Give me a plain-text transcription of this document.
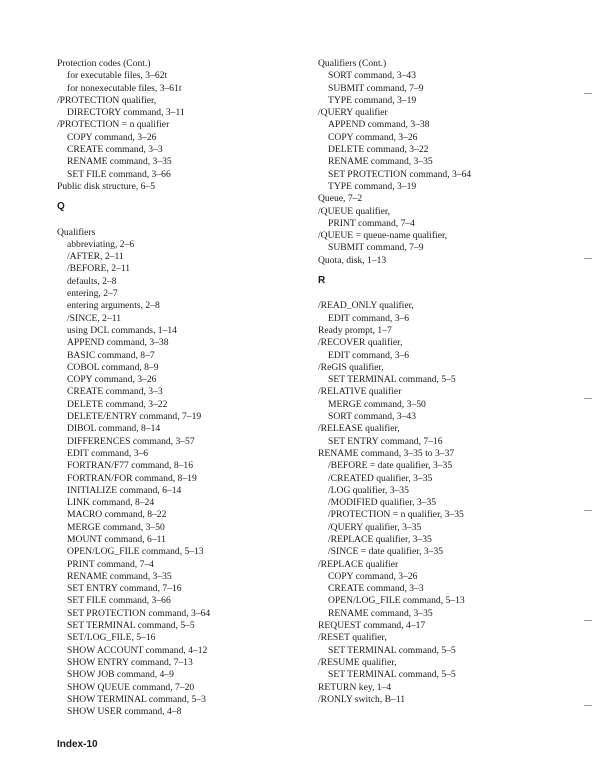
Protection codes (Cont.)
for executable files, 3–62t
for nonexecutable files, 3–61t
/PROTECTION qualifier,
DIRECTORY command, 3–11
/PROTECTION = n qualifier
COPY command, 3–26
CREATE command, 3–3
RENAME command, 3–35
SET FILE command, 3–66
Public disk structure, 6–5
Q
Qualifiers
abbreviating, 2–6
/AFTER, 2–11
/BEFORE, 2–11
defaults, 2–8
entering, 2–7
entering arguments, 2–8
/SINCE, 2–11
using DCL commands, 1–14
APPEND command, 3–38
BASIC command, 8–7
COBOL command, 8–9
COPY command, 3–26
CREATE command, 3–3
DELETE command, 3–22
DELETE/ENTRY command, 7–19
DIBOL command, 8–14
DIFFERENCES command, 3–57
EDIT command, 3–6
FORTRAN/F77 command, 8–16
FORTRAN/FOR command, 8–19
INITIALIZE command, 6–14
LINK command, 8–24
MACRO command, 8–22
MERGE command, 3–50
MOUNT command, 6–11
OPEN/LOG_FILE command, 5–13
PRINT command, 7–4
RENAME command, 3–35
SET ENTRY command, 7–16
SET FILE command, 3–66
SET PROTECTION command, 3–64
SET TERMINAL command, 5–5
SET/LOG_FILE, 5–16
SHOW ACCOUNT command, 4–12
SHOW ENTRY command, 7–13
SHOW JOB command, 4–9
SHOW QUEUE command, 7–20
SHOW TERMINAL command, 5–3
SHOW USER command, 4–8
Qualifiers (Cont.)
SORT command, 3–43
SUBMIT command, 7–9
TYPE command, 3–19
/QUERY qualifier
APPEND command, 3–38
COPY command, 3–26
DELETE command, 3–22
RENAME command, 3–35
SET PROTECTION command, 3–64
TYPE command, 3–19
Queue, 7–2
/QUEUE qualifier,
PRINT command, 7–4
/QUEUE = queue-name qualifier,
SUBMIT command, 7–9
Quota, disk, 1–13
R
/READ_ONLY qualifier,
EDIT command, 3–6
Ready prompt, 1–7
/RECOVER qualifier,
EDIT command, 3–6
/ReGIS qualifier,
SET TERMINAL command, 5–5
/RELATIVE qualifier
MERGE command, 3–50
SORT command, 3–43
/RELEASE qualifier,
SET ENTRY command, 7–16
RENAME command, 3–35 to 3–37
/BEFORE = date qualifier, 3–35
/CREATED qualifier, 3–35
/LOG qualifier, 3–35
/MODIFIED qualifier, 3–35
/PROTECTION = n qualifier, 3–35
/QUERY qualifier, 3–35
/REPLACE qualifier, 3–35
/SINCE = date qualifier, 3–35
/REPLACE qualifier
COPY command, 3–26
CREATE command, 3–3
OPEN/LOG_FILE command, 5–13
RENAME command, 3–35
REQUEST command, 4–17
/RESET qualifier,
SET TERMINAL command, 5–5
/RESUME qualifier,
SET TERMINAL command, 5–5
RETURN key, 1–4
/RONLY switch, B–11
Index-10
